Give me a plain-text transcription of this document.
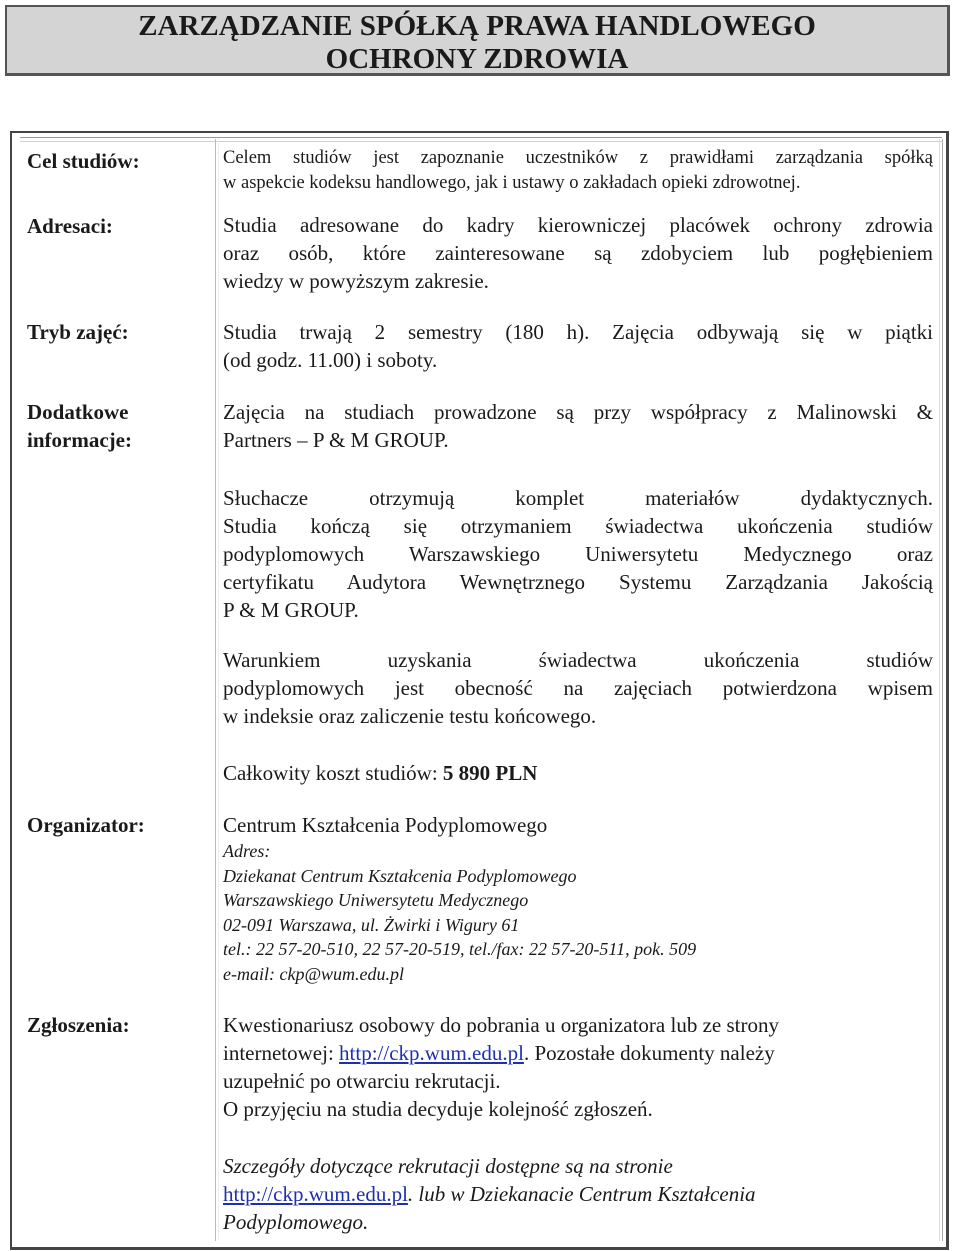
ZARZĄDZANIE SPÓŁKĄ PRAWA HANDLOWEGO
OCHRONY ZDROWIA
Cel studiów:
Adresaci:
Tryb zajęć:
Dodatkowe
informacje:
Organizator:
Zgłoszenia:
Celem studiów jest zapoznanie uczestników z prawidłami zarządzania spółką
w aspekcie kodeksu handlowego, jak i ustawy o zakładach opieki zdrowotnej.
Studia adresowane do kadry kierowniczej placówek ochrony zdrowia
oraz osób, które zainteresowane są zdobyciem lub pogłębieniem
wiedzy w powyższym zakresie.
Studia trwają 2 semestry (180 h). Zajęcia odbywają się w piątki
(od godz. 11.00) i soboty.
Zajęcia na studiach prowadzone są przy współpracy z Malinowski &
Partners – P & M GROUP.
Słuchacze otrzymują komplet materiałów dydaktycznych.
Studia kończą się otrzymaniem świadectwa ukończenia studiów
podyplomowych Warszawskiego Uniwersytetu Medycznego oraz
certyfikatu Audytora Wewnętrznego Systemu Zarządzania Jakością
P & M GROUP.
Warunkiem uzyskania świadectwa ukończenia studiów
podyplomowych jest obecność na zajęciach potwierdzona wpisem
w indeksie oraz zaliczenie testu końcowego.
Całkowity koszt studiów: 5 890 PLN
Centrum Kształcenia Podyplomowego
Adres:
Dziekanat Centrum Kształcenia Podyplomowego
Warszawskiego Uniwersytetu Medycznego
02-091 Warszawa, ul. Żwirki i Wigury 61
tel.: 22 57-20-510, 22 57-20-519, tel./fax: 22 57-20-511, pok. 509
e-mail: ckp@wum.edu.pl
Kwestionariusz osobowy do pobrania u organizatora lub ze strony
internetowej: http://ckp.wum.edu.pl. Pozostałe dokumenty należy
uzupełnić po otwarciu rekrutacji.
O przyjęciu na studia decyduje kolejność zgłoszeń.
Szczegóły dotyczące rekrutacji dostępne są na stronie
http://ckp.wum.edu.pl. lub w Dziekanacie Centrum Kształcenia
Podyplomowego.
